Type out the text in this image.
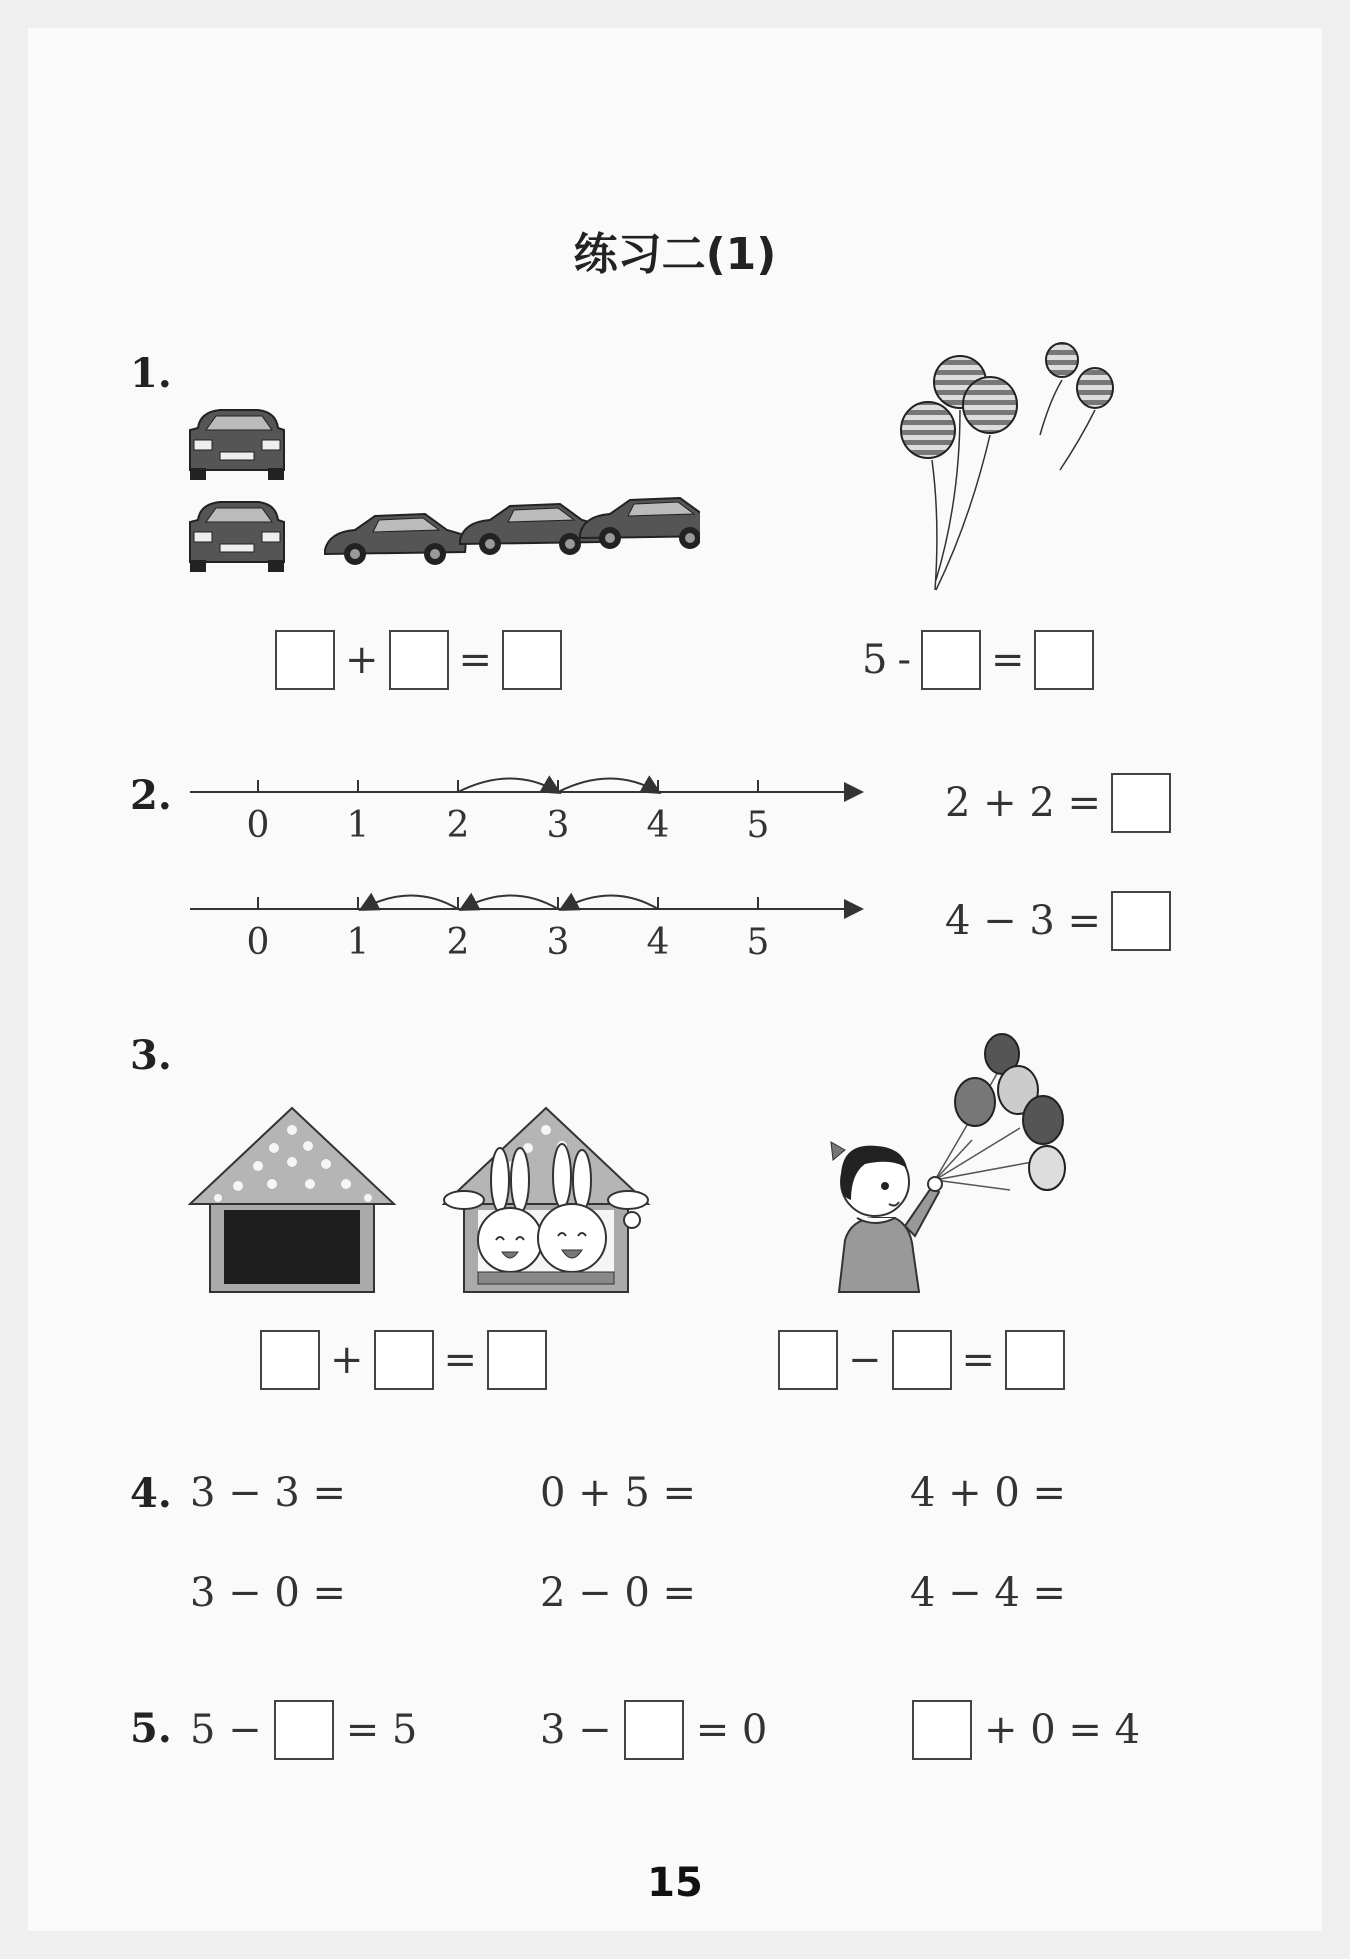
练习二(1)
1.
+ =	5 - =
2.
0 1 2 3 4 5
0 1 2 3 4 5
2 + 2 =
4 − 3 =
3.
+ =	− =
4. 3 − 3 =	0 + 5 =	4 + 0 =
3 − 0 =	2 − 0 =	4 − 4 =
5. 5 −	= 5	3 −	= 0	+ 0 = 4
15
